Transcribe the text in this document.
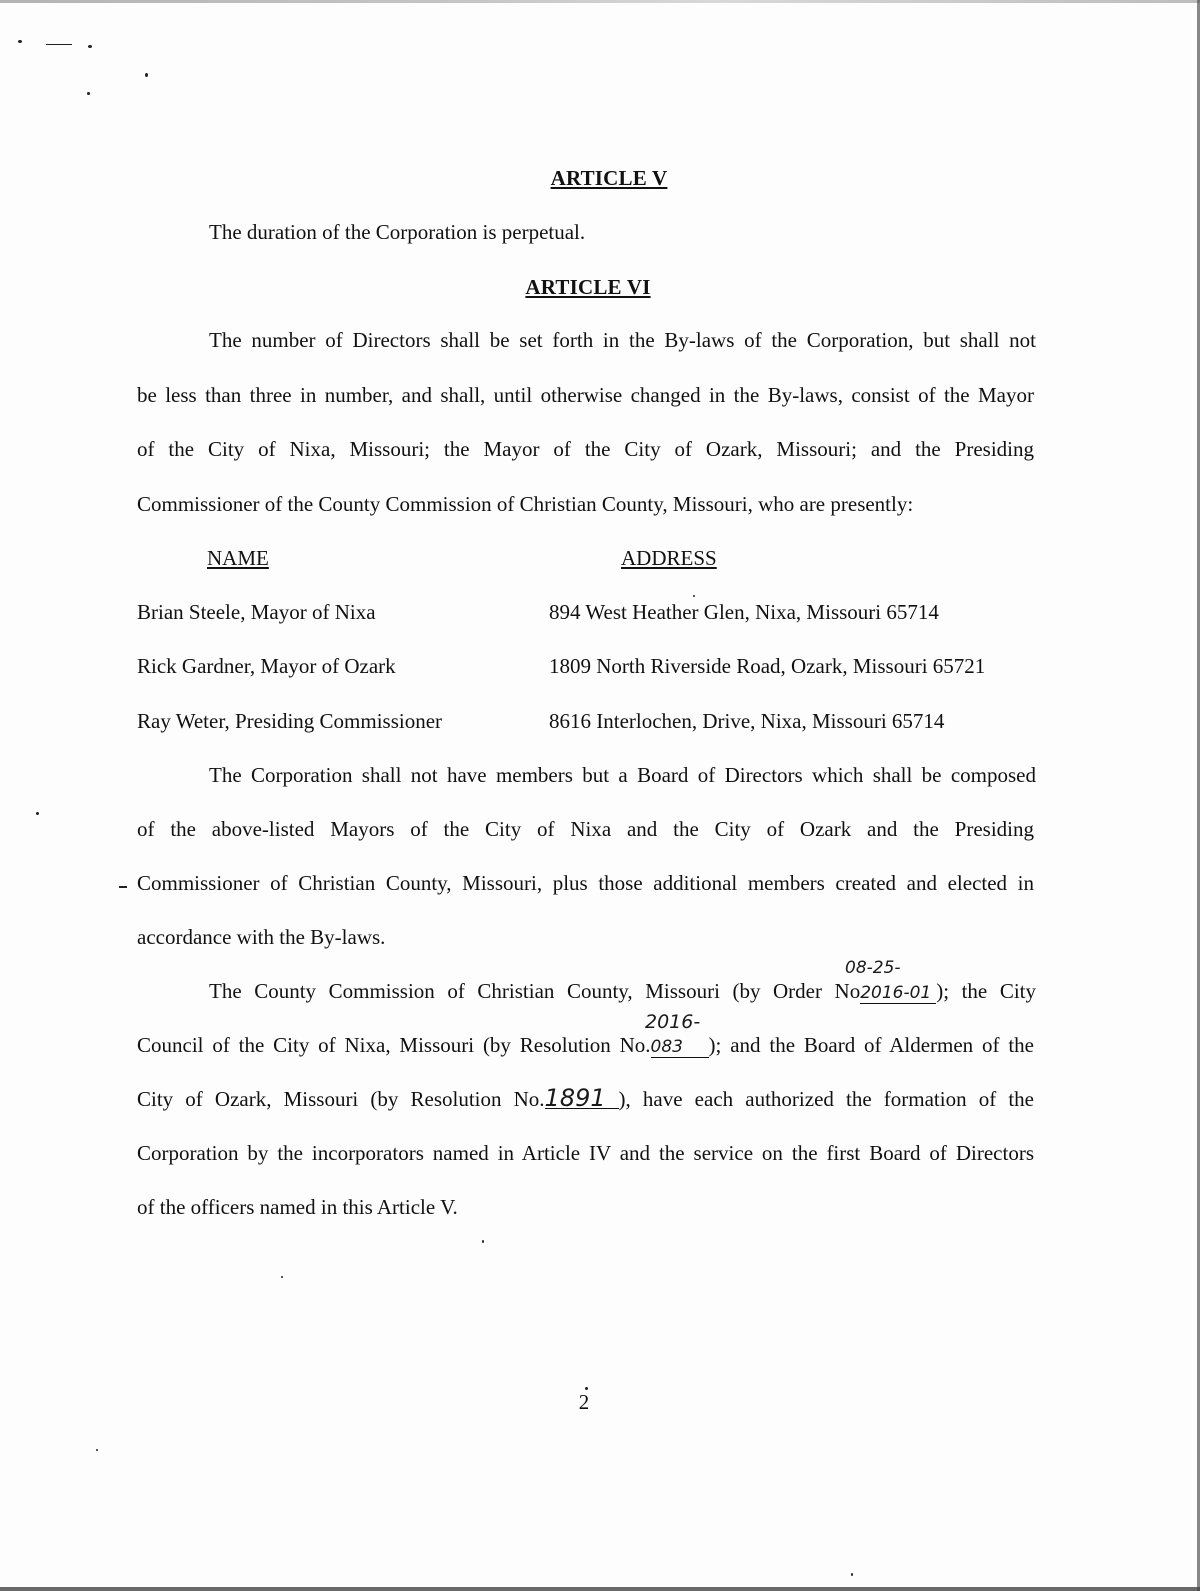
ARTICLE V
The duration of the Corporation is perpetual.
ARTICLE VI
The number of Directors shall be set forth in the By-laws of the Corporation, but shall not
be less than three in number, and shall, until otherwise changed in the By-laws, consist of the Mayor
of the City of Nixa, Missouri; the Mayor of the City of Ozark, Missouri; and the Presiding
Commissioner of the County Commission of Christian County, Missouri, who are presently:
NAME	ADDRESS
Brian Steele, Mayor of Nixa	894 West Heather Glen, Nixa, Missouri 65714
Rick Gardner, Mayor of Ozark	1809 North Riverside Road, Ozark, Missouri 65721
Ray Weter, Presiding Commissioner	8616 Interlochen, Drive, Nixa, Missouri 65714
The Corporation shall not have members but a Board of Directors which shall be composed
of the above-listed Mayors of the City of Nixa and the City of Ozark and the Presiding
Commissioner of Christian County, Missouri, plus those additional members created and elected in
accordance with the By-laws.
08-25-
The County Commission of Christian County, Missouri (by Order No2016-01 ); the City
2016-
Council of the City of Nixa, Missouri (by Resolution No.083 ); and the Board of Aldermen of the
City of Ozark, Missouri (by Resolution No.1891 ), have each authorized the formation of the
Corporation by the incorporators named in Article IV and the service on the first Board of Directors
of the officers named in this Article V.
2
